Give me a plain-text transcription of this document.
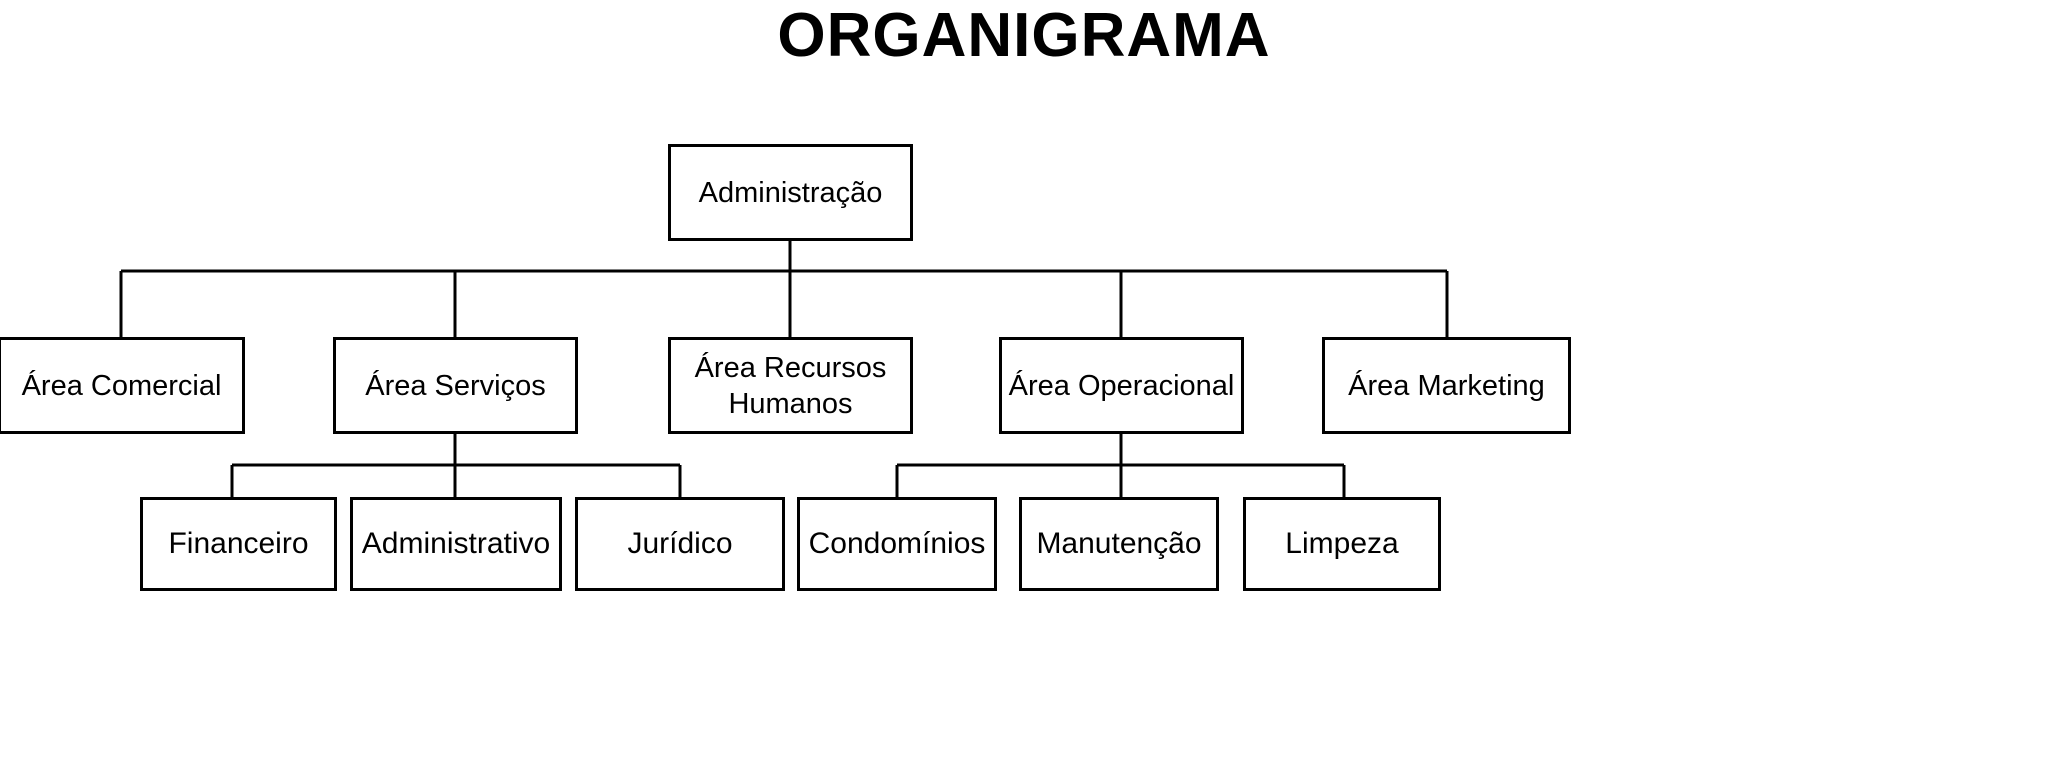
ORGANIGRAMA
Administração
Área Comercial	Área Serviços
Área Recursos Humanos
Área Operacional	Área Marketing
Financeiro	Administrativo	Jurídico	Condomínios	Manutenção	Limpeza
